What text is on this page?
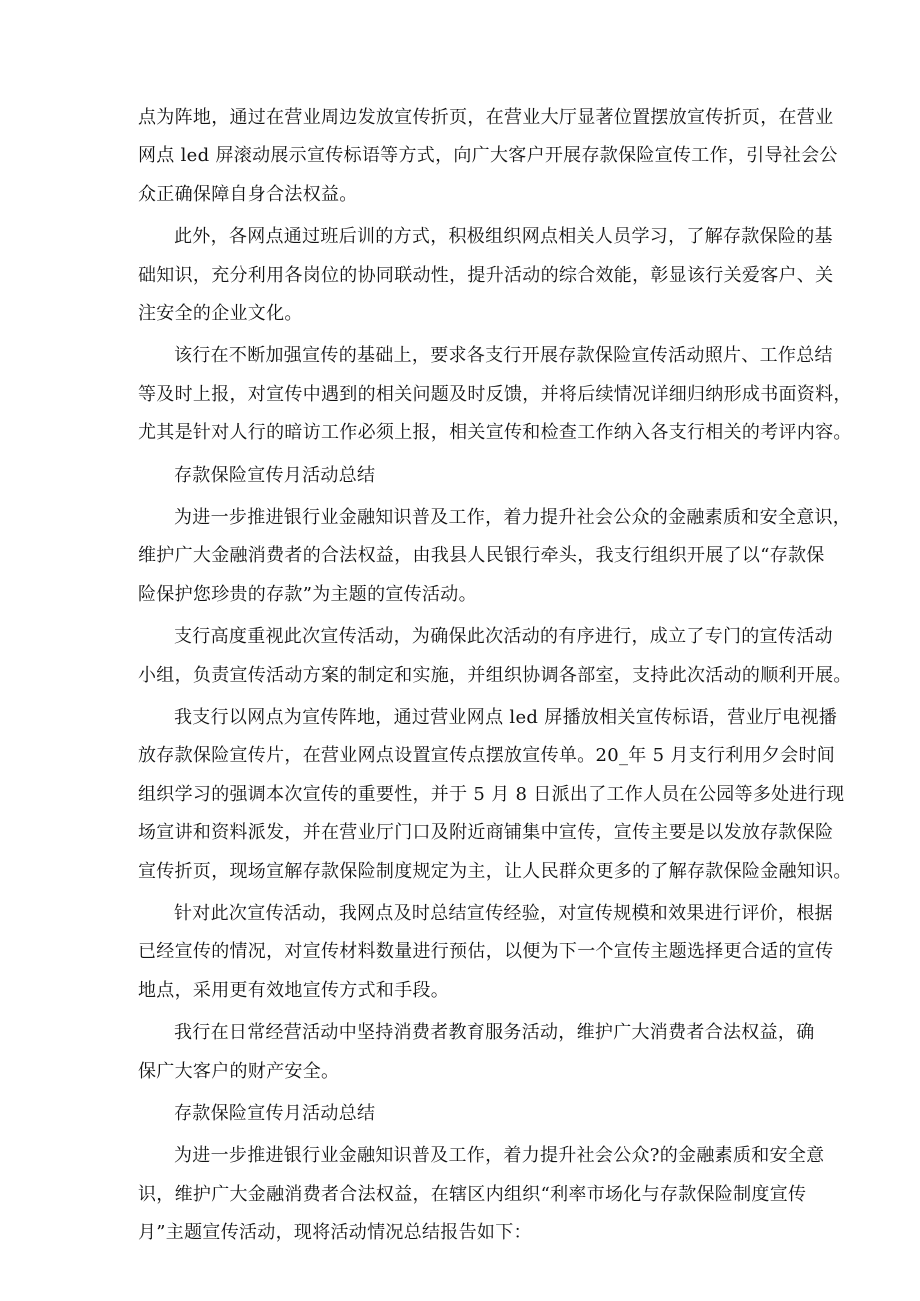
点为阵地，通过在营业周边发放宣传折页，在营业大厅显著位置摆放宣传折页，在营业
网点 led 屏滚动展示宣传标语等方式，向广大客户开展存款保险宣传工作，引导社会公
众正确保障自身合法权益。
此外，各网点通过班后训的方式，积极组织网点相关人员学习，了解存款保险的基
础知识，充分利用各岗位的协同联动性，提升活动的综合效能，彰显该行关爱客户、关
注安全的企业文化。
该行在不断加强宣传的基础上，要求各支行开展存款保险宣传活动照片、工作总结
等及时上报，对宣传中遇到的相关问题及时反馈，并将后续情况详细归纳形成书面资料，
尤其是针对人行的暗访工作必须上报，相关宣传和检查工作纳入各支行相关的考评内容。
存款保险宣传月活动总结
为进一步推进银行业金融知识普及工作，着力提升社会公众的金融素质和安全意识，
维护广大金融消费者的合法权益，由我县人民银行牵头，我支行组织开展了以“存款保
险保护您珍贵的存款”为主题的宣传活动。
支行高度重视此次宣传活动，为确保此次活动的有序进行，成立了专门的宣传活动
小组，负责宣传活动方案的制定和实施，并组织协调各部室，支持此次活动的顺利开展。
我支行以网点为宣传阵地，通过营业网点 led 屏播放相关宣传标语，营业厅电视播
放存款保险宣传片，在营业网点设置宣传点摆放宣传单。20_年 5 月支行利用夕会时间
组织学习的强调本次宣传的重要性，并于 5 月 8 日派出了工作人员在公园等多处进行现
场宣讲和资料派发，并在营业厅门口及附近商铺集中宣传，宣传主要是以发放存款保险
宣传折页，现场宣解存款保险制度规定为主，让人民群众更多的了解存款保险金融知识。
针对此次宣传活动，我网点及时总结宣传经验，对宣传规模和效果进行评价，根据
已经宣传的情况，对宣传材料数量进行预估，以便为下一个宣传主题选择更合适的宣传
地点，采用更有效地宣传方式和手段。
我行在日常经营活动中坚持消费者教育服务活动，维护广大消费者合法权益，确
保广大客户的财产安全。
存款保险宣传月活动总结
为进一步推进银行业金融知识普及工作，着力提升社会公众?的金融素质和安全意
识，维护广大金融消费者合法权益，在辖区内组织“利率市场化与存款保险制度宣传
月”主题宣传活动，现将活动情况总结报告如下：
